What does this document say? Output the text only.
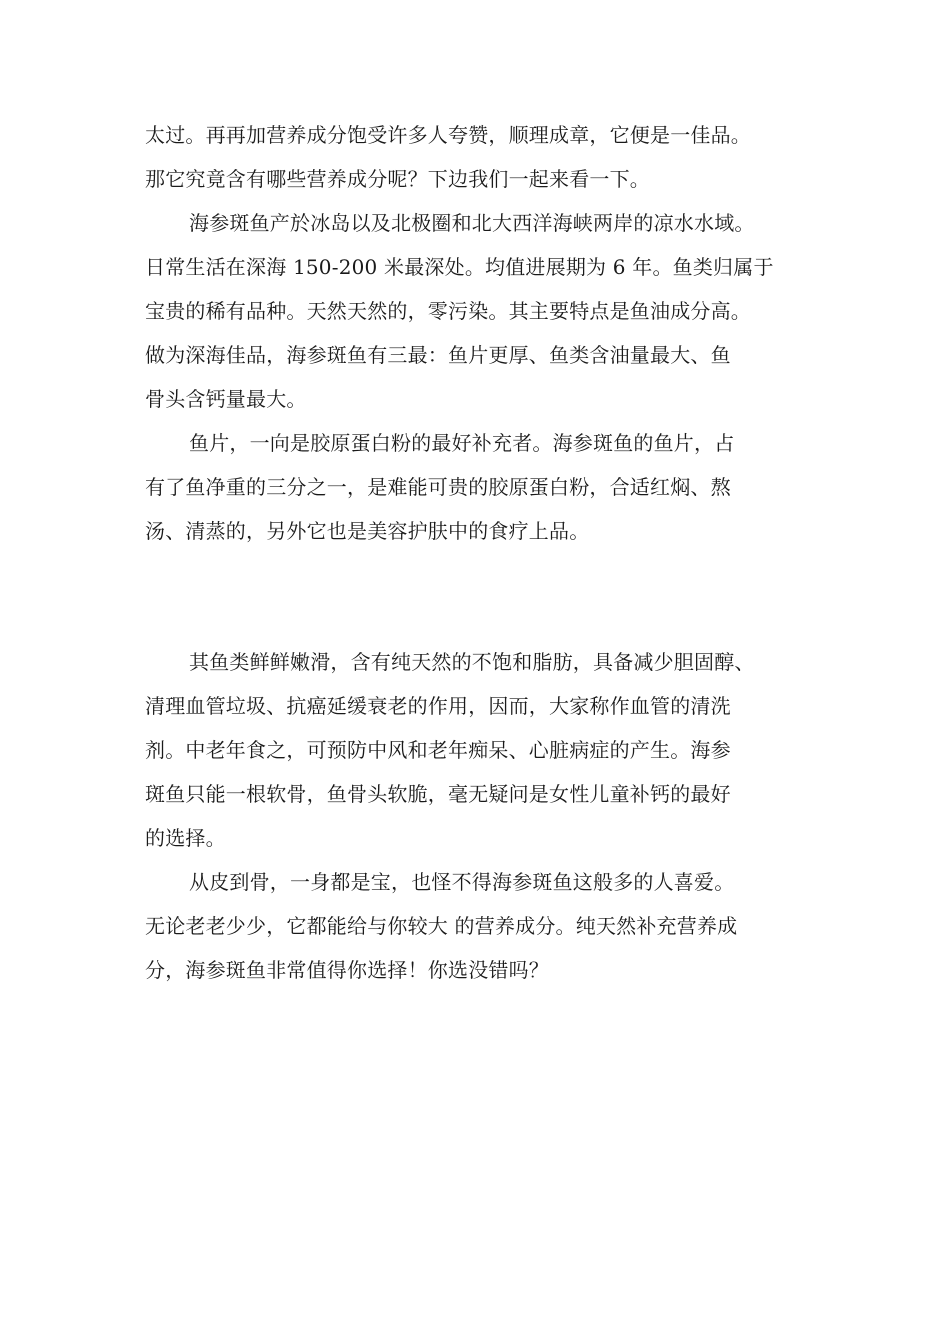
太过。再再加营养成分饱受许多人夸赞，顺理成章，它便是一佳品。
那它究竟含有哪些营养成分呢？下边我们一起来看一下。
海参斑鱼产於冰岛以及北极圈和北大西洋海峡两岸的凉水水域。
日常生活在深海 150-200 米最深处。均值进展期为 6 年。鱼类归属于
宝贵的稀有品种。天然天然的，零污染。其主要特点是鱼油成分高。
做为深海佳品，海参斑鱼有三最：鱼片更厚、鱼类含油量最大、鱼
骨头含钙量最大。
鱼片，一向是胶原蛋白粉的最好补充者。海参斑鱼的鱼片，占
有了鱼净重的三分之一，是难能可贵的胶原蛋白粉，合适红焖、熬
汤、清蒸的，另外它也是美容护肤中的食疗上品。
其鱼类鲜鲜嫩滑，含有纯天然的不饱和脂肪，具备减少胆固醇、
清理血管垃圾、抗癌延缓衰老的作用，因而，大家称作血管的清洗
剂。中老年食之，可预防中风和老年痴呆、心脏病症的产生。海参
斑鱼只能一根软骨，鱼骨头软脆，毫无疑问是女性儿童补钙的最好
的选择。
从皮到骨，一身都是宝，也怪不得海参斑鱼这般多的人喜爱。
无论老老少少，它都能给与你较大 的营养成分。纯天然补充营养成
分，海参斑鱼非常值得你选择！你选没错吗？
